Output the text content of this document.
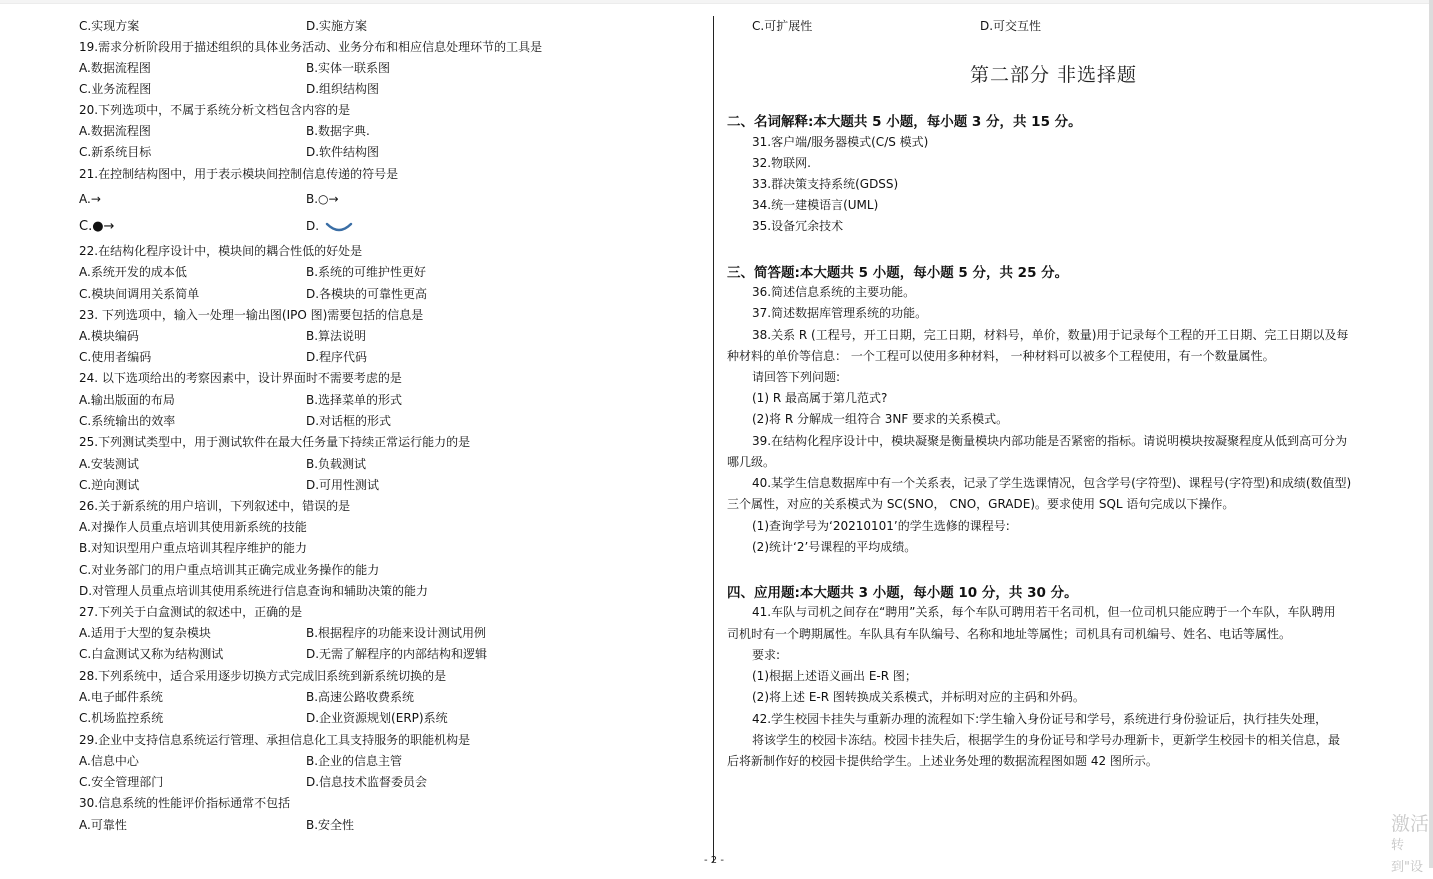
- 2 -
C.实现方案	D.实施方案
19.需求分析阶段用于描述组织的具体业务活动、业务分布和相应信息处理环节的工具是
A.数据流程图	B.实体一联系图
C.业务流程图	D.组织结构图
20.下列选项中，不属于系统分析文档包含内容的是
A.数据流程图	B.数据字典.
C.新系统目标	D.软件结构图
21.在控制结构图中，用于表示模块间控制信息传递的符号是
A.→	B.○→
C.●→	D.
22.在结构化程序设计中，模块间的耦合性低的好处是
A.系统开发的成本低	B.系统的可维护性更好
C.模块间调用关系简单	D.各模块的可靠性更高
23. 下列选项中，输入一处理一输出图(IPO 图)需要包括的信息是
A.模块编码	B.算法说明
C.使用者编码	D.程序代码
24. 以下选项给出的考察因素中，设计界面时不需要考虑的是
A.输出版面的布局	B.选择菜单的形式
C.系统输出的效率	D.对话框的形式
25.下列测试类型中，用于测试软件在最大任务量下持续正常运行能力的是
A.安装测试	B.负载测试
C.逆向测试	D.可用性测试
26.关于新系统的用户培训，下列叙述中，错误的是
A.对操作人员重点培训其使用新系统的技能
B.对知识型用户重点培训其程序维护的能力
C.对业务部门的用户重点培训其正确完成业务操作的能力
D.对管理人员重点培训其使用系统进行信息查询和辅助决策的能力
27.下列关于白盒测试的叙述中，正确的是
A.适用于大型的复杂模块	B.根据程序的功能来设计测试用例
C.白盒测试又称为结构测试	D.无需了解程序的内部结构和逻辑
28.下列系统中，适合采用逐步切换方式完成旧系统到新系统切换的是
A.电子邮件系统	B.高速公路收费系统
C.机场监控系统	D.企业资源规划(ERP)系统
29.企业中支持信息系统运行管理、承担信息化工具支持服务的职能机构是
A.信息中心	B.企业的信息主管
C.安全管理部门	D.信息技术监督委员会
30.信息系统的性能评价指标通常不包括
A.可靠性	B.安全性
C.可扩展性	D.可交互性
第二部分 非选择题
二、名词解释:本大题共 5 小题，每小题 3 分，共 15 分。
31.客户端/服务器模式(C/S 模式)
32.物联网.
33.群决策支持系统(GDSS)
34.统一建模语言(UML)
35.设备冗余技术
三、简答题:本大题共 5 小题，每小题 5 分，共 25 分。
36.简述信息系统的主要功能。
37.简述数据库管理系统的功能。
38.关系 R (工程号，开工日期，完工日期，材料号，单价，数量)用于记录每个工程的开工日期、完工日期以及每
种材料的单价等信息： 一个工程可以使用多种材料， 一种材料可以被多个工程使用，有一个数量属性。
请回答下列问题:
(1) R 最高属于第几范式?
(2)将 R 分解成一组符合 3NF 要求的关系模式。
39.在结构化程序设计中，模块凝聚是衡量模块内部功能是否紧密的指标。请说明模块按凝聚程度从低到高可分为
哪几级。
40.某学生信息数据库中有一个关系表，记录了学生选课情况，包含学号(字符型)、课程号(字符型)和成绩(数值型)
三个属性，对应的关系模式为 SC(SNO， CNO，GRADE)。要求使用 SQL 语句完成以下操作。
(1)查询学号为‘20210101’的学生选修的课程号:
(2)统计‘2’号课程的平均成绩。
四、应用题:本大题共 3 小题，每小题 10 分，共 30 分。
41.车队与司机之间存在“聘用”关系，每个车队可聘用若干名司机，但一位司机只能应聘于一个车队，车队聘用
司机时有一个聘期属性。车队具有车队编号、名称和地址等属性；司机具有司机编号、姓名、电话等属性。
要求:
(1)根据上述语义画出 E-R 图；
(2)将上述 E-R 图转换成关系模式，并标明对应的主码和外码。
42.学生校园卡挂失与重新办理的流程如下:学生输入身份证号和学号，系统进行身份验证后，执行挂失处理，
将该学生的校园卡冻结。校园卡挂失后，根据学生的身份证号和学号办理新卡，更新学生校园卡的相关信息，最
后将新制作好的校园卡提供给学生。上述业务处理的数据流程图如题 42 图所示。
激活
转到"设
